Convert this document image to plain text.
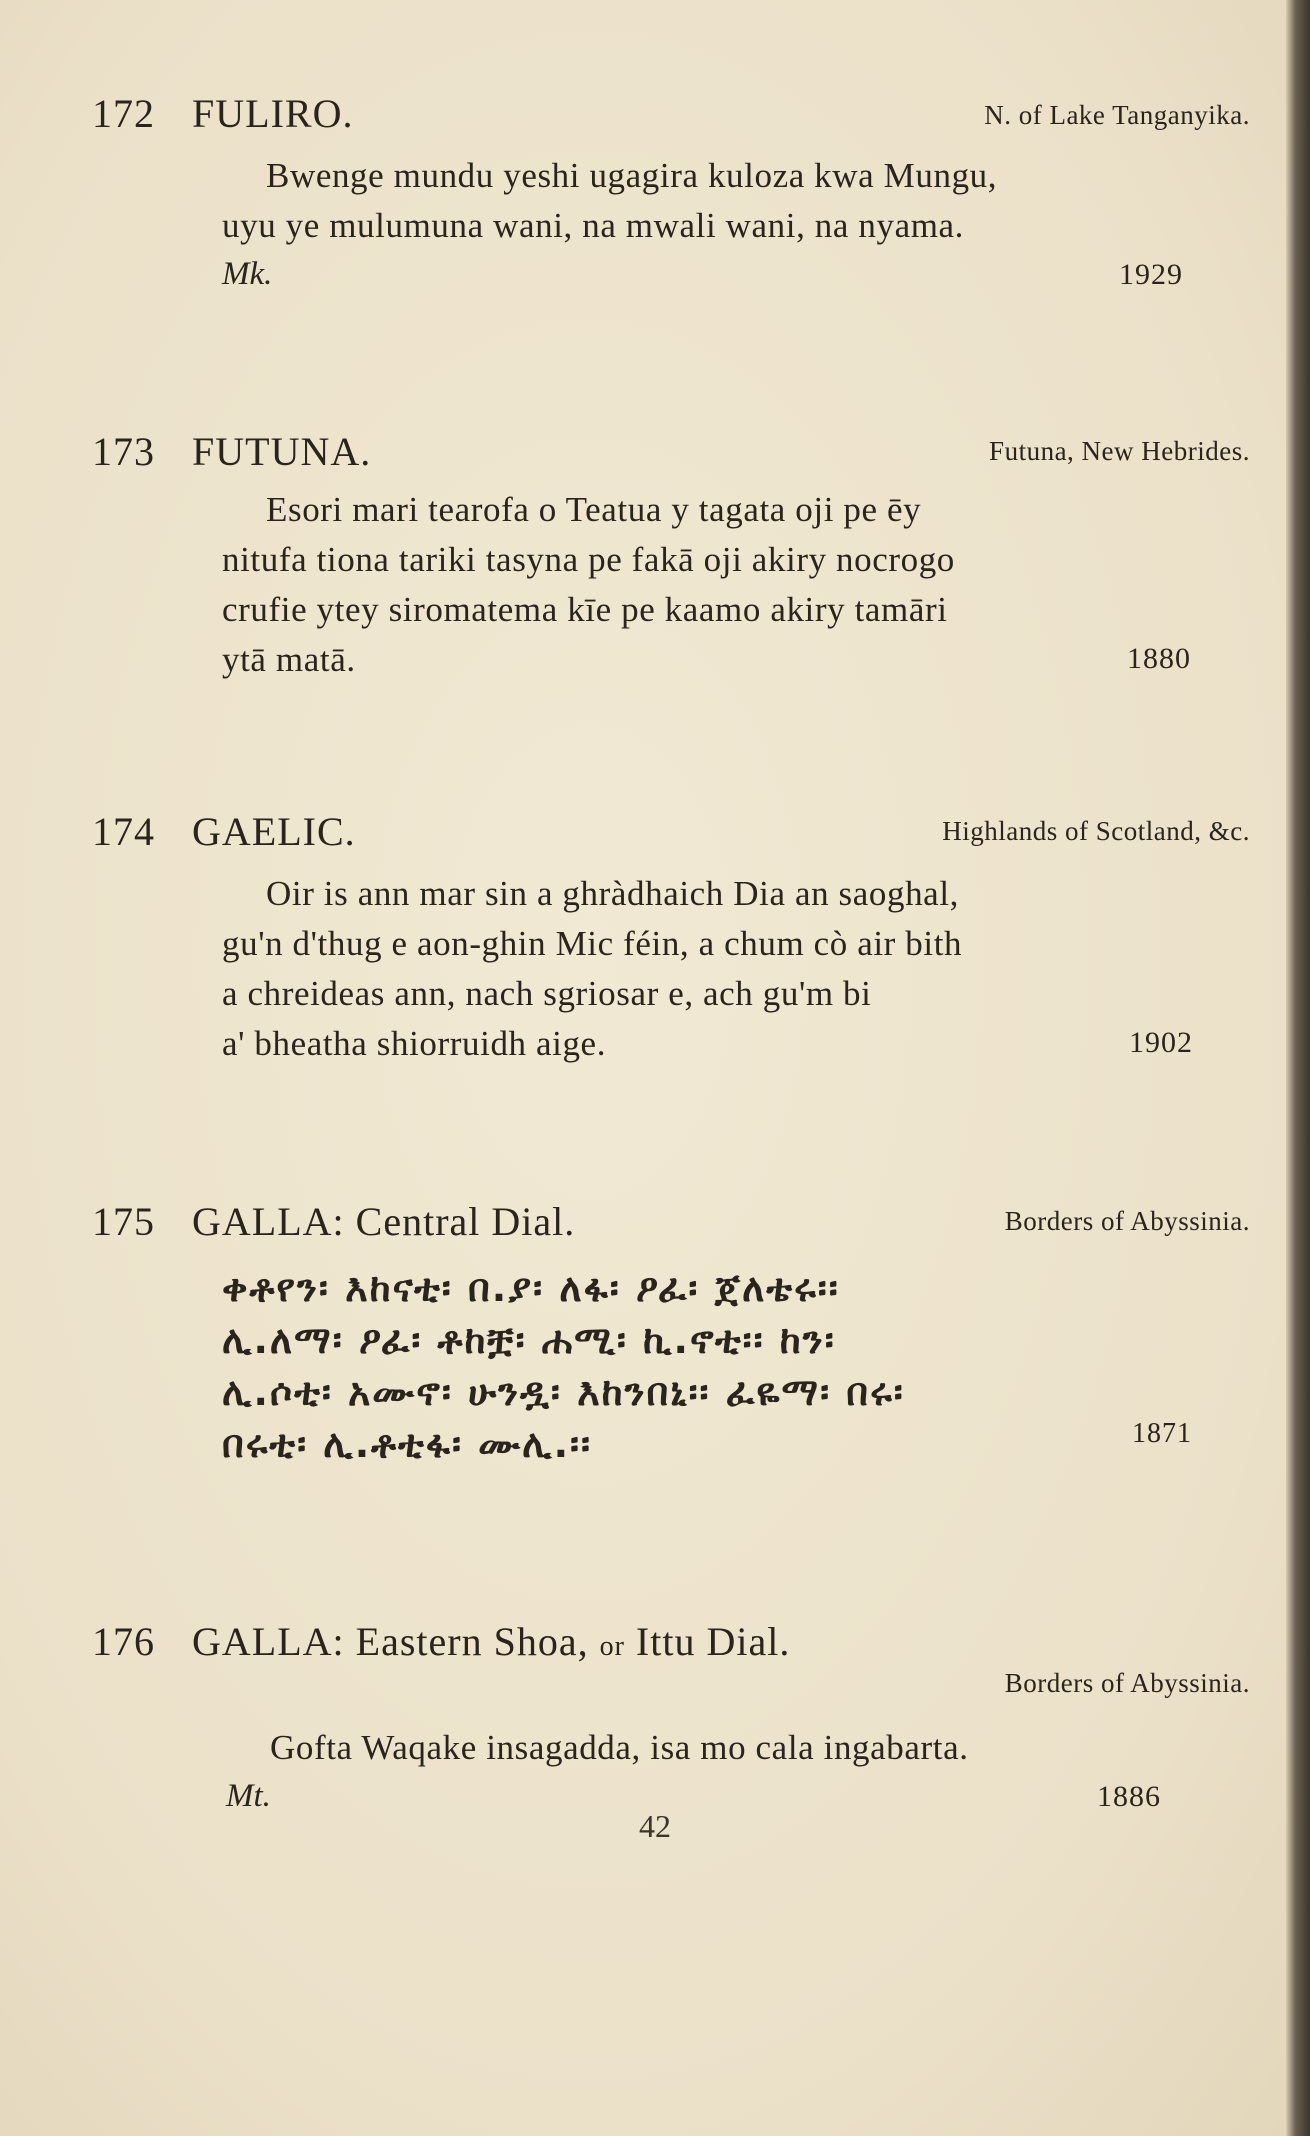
172 FULIRO.	N. of Lake Tanganyika.
Bwenge mundu yeshi ugagira kuloza kwa Mungu,
uyu ye mulumuna wani, na mwali wani, na nyama.
Mk.	1929
173 FUTUNA.	Futuna, New Hebrides.
Esori mari tearofa o Teatua y tagata oji pe ēy
nitufa tiona tariki tasyna pe fakā oji akiry nocrogo
crufie ytey siromatema kīe pe kaamo akiry tamāri
ytā matā.	1880
174 GAELIC.	Highlands of Scotland, &c.
Oir is ann mar sin a ghràdhaich Dia an saoghal,
gu'n d'thug e aon-ghin Mic féin, a chum cò air bith
a chreideas ann, nach sgriosar e, ach gu'm bi
a' bheatha shiorruidh aige.	1902
175 GALLA: Central Dial.	Borders of Abyssinia.
ቀቶየን፡ እከናቲ፡ በ.ያ፡ ለፋ፡ ዖፈ፡ ጀለቴሩ፡፡
ሊ.ለማ፡ ዖፈ፡ ቶከቿ፡ ሐሚ፡ ኪ.ኖቲ፡፡ ከን፡
ሊ.ሶቲ፡ አሙኖ፡ ሁንዷ፡ እከንበኒ፡፡ ፈዬማ፡ በሩ፡
በሩቲ፡ ሊ.ቶቲፋ፡ ሙሊ.፡፡	1871
176 GALLA: Eastern Shoa, or Ittu Dial.
Borders of Abyssinia.
Gofta Waqake insagadda, isa mo cala ingabarta.
Mt.	1886
42
